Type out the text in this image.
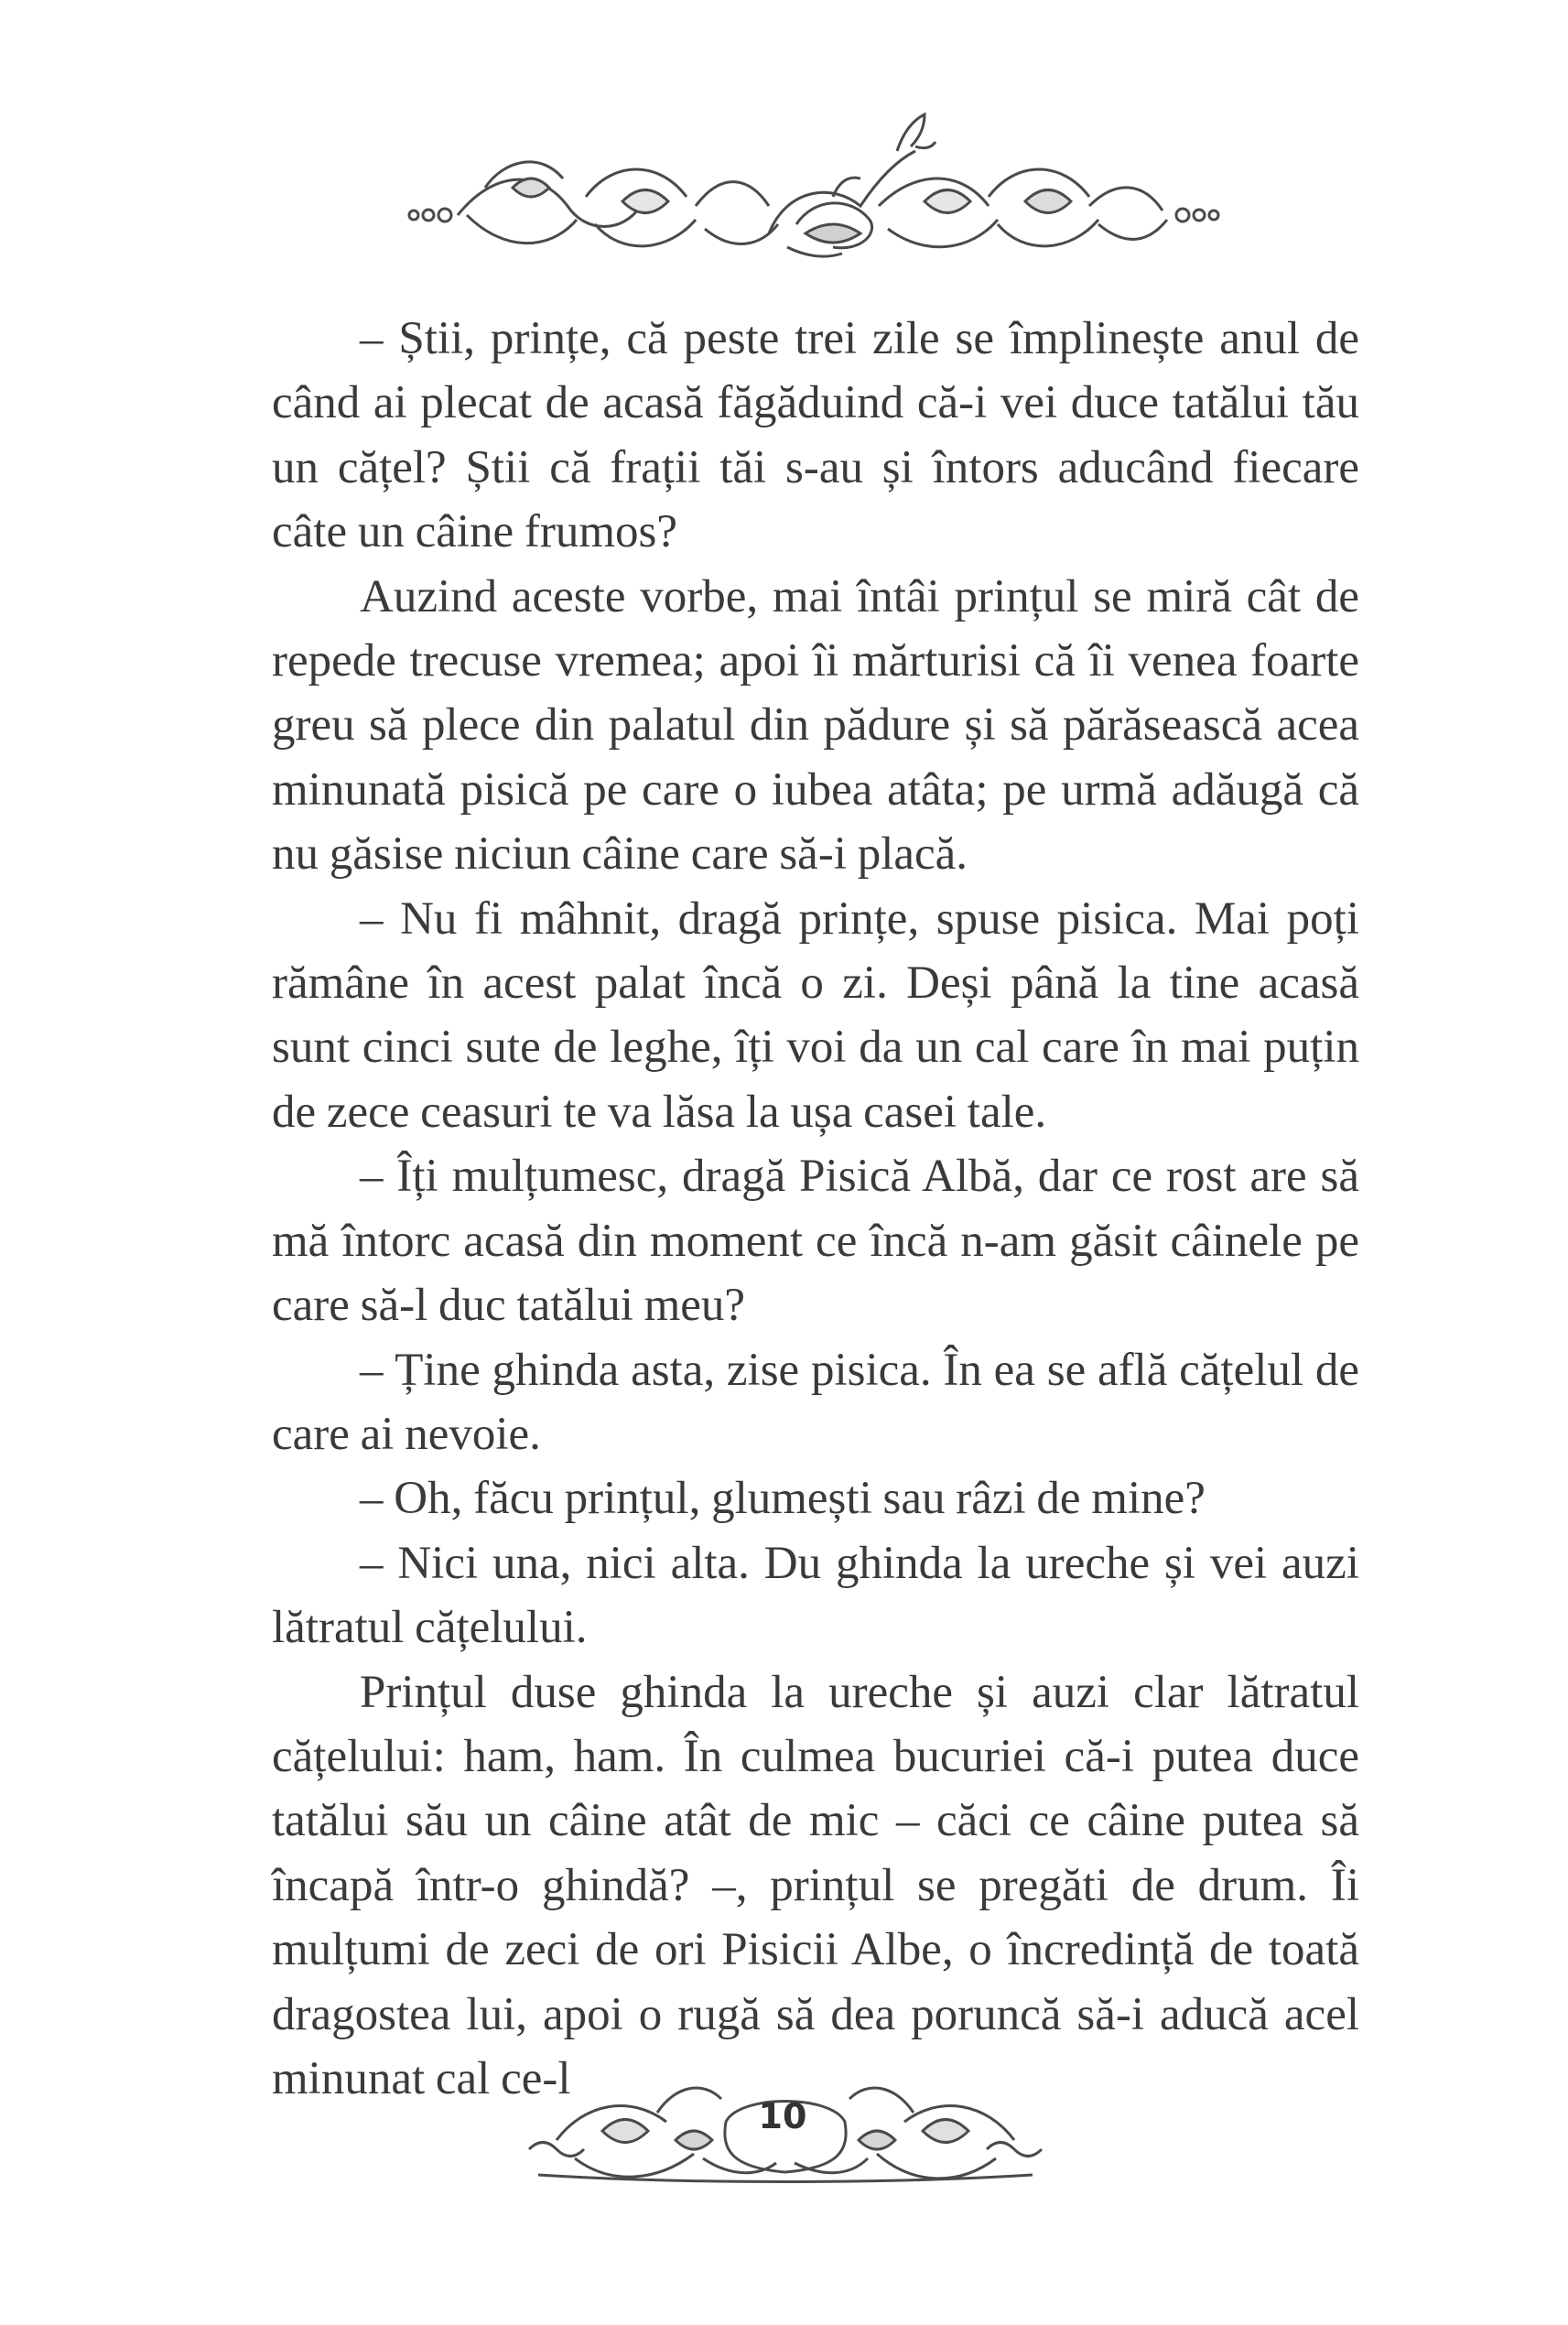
– Știi, prințe, că peste trei zile se împlinește anul de când ai plecat de acasă făgăduind că-i vei duce tatălui tău un cățel? Știi că frații tăi s-au și întors aducând fiecare câte un câine frumos?

Auzind aceste vorbe, mai întâi prințul se miră cât de repede trecuse vremea; apoi îi mărturisi că îi venea foarte greu să plece din palatul din pădure și să părăsească acea minunată pisică pe care o iubea atâta; pe urmă adăugă că nu găsise niciun câine care să-i placă.

– Nu fi mâhnit, dragă prințe, spuse pisica. Mai poți rămâne în acest palat încă o zi. Deși până la tine acasă sunt cinci sute de leghe, îți voi da un cal care în mai puțin de zece ceasuri te va lăsa la ușa casei tale.

– Îți mulțumesc, dragă Pisică Albă, dar ce rost are să mă întorc acasă din moment ce încă n-am găsit câinele pe care să-l duc tatălui meu?

– Ține ghinda asta, zise pisica. În ea se află cățelul de care ai nevoie.

– Oh, făcu prințul, glumești sau râzi de mine?

– Nici una, nici alta. Du ghinda la ureche și vei auzi lătratul cățelului.

Prințul duse ghinda la ureche și auzi clar lătratul cățelului: ham, ham. În culmea bucuriei că-i putea duce tatălui său un câine atât de mic – căci ce câine putea să încapă într-o ghindă? –, prințul se pregăti de drum. Îi mulțumi de zeci de ori Pisicii Albe, o încredință de toată dragostea lui, apoi o rugă să dea poruncă să-i aducă acel minunat cal ce-l

10
